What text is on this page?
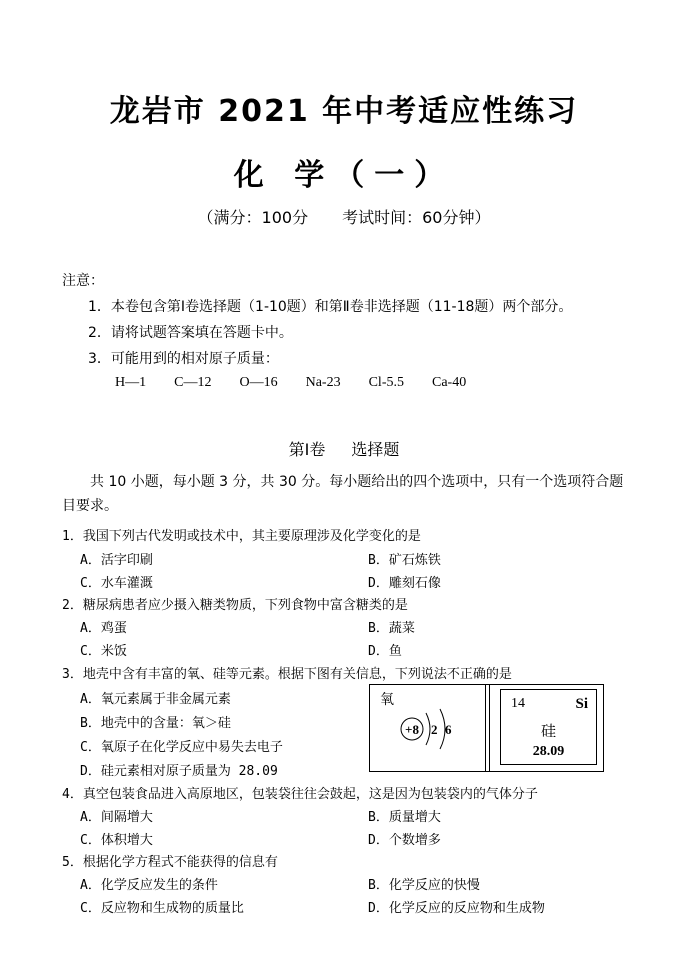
龙岩市 2021 年中考适应性练习
化 学（一）
（满分：100分 考试时间：60分钟）
注意：
1．本卷包含第Ⅰ卷选择题（1-10题）和第Ⅱ卷非选择题（11-18题）两个部分。
2．请将试题答案填在答题卡中。
3．可能用到的相对原子质量：
H—1 C—12 O—16 Na-23 Cl-5.5 Ca-40
第Ⅰ卷 选择题
共 10 小题，每小题 3 分，共 30 分。每小题给出的四个选项中，只有一个选项符合题目要求。
1．我国下列古代发明或技术中，其主要原理涉及化学变化的是
A．活字印刷	B．矿石炼铁
C．水车灌溉	D．雕刻石像
2．糖尿病患者应少摄入糖类物质，下列食物中富含糖类的是
A．鸡蛋	B．蔬菜
C．米饭	D．鱼
3．地壳中含有丰富的氧、硅等元素。根据下图有关信息，下列说法不正确的是
A．氧元素属于非金属元素
B．地壳中的含量：氧＞硅
C．氧原子在化学反应中易失去电子
D．硅元素相对原子质量为 28.09
氧
+8 2 6
14	Si
硅
28.09
4．真空包装食品进入高原地区，包装袋往往会鼓起，这是因为包装袋内的气体分子
A．间隔增大	B．质量增大
C．体积增大	D．个数增多
5．根据化学方程式不能获得的信息有
A．化学反应发生的条件	B．化学反应的快慢
C．反应物和生成物的质量比	D．化学反应的反应物和生成物
